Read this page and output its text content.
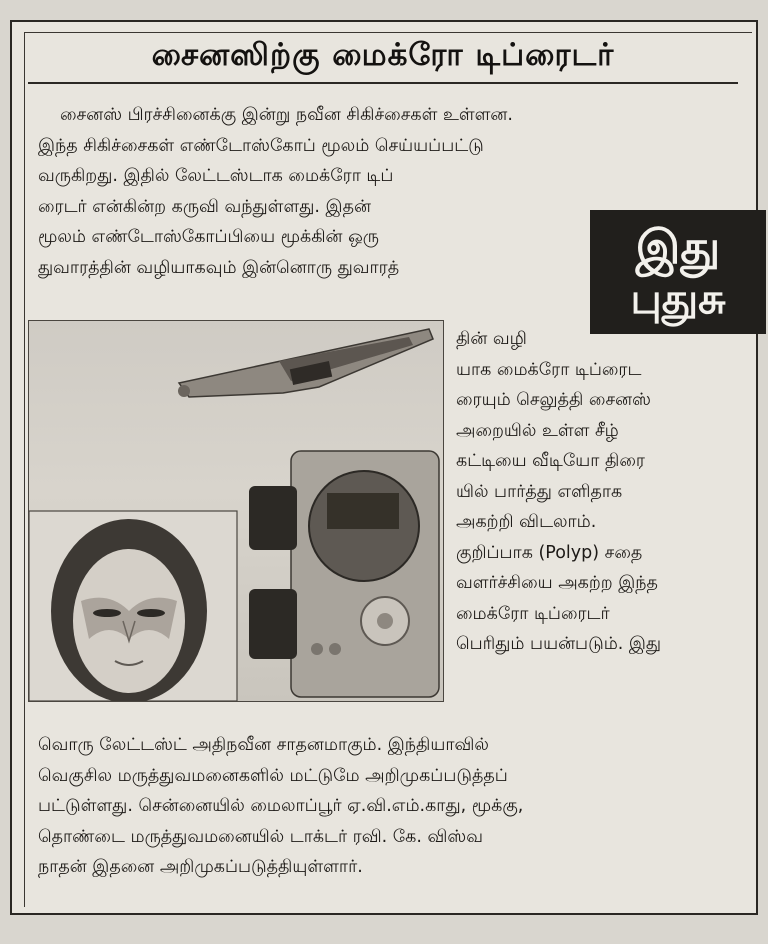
சைனஸிற்கு மைக்ரோ டிப்ரைடர்
சைனஸ் பிரச்சினைக்கு இன்று நவீன சிகிச்சைகள் உள்ளன.
இந்த சிகிச்சைகள் எண்டோஸ்கோப் மூலம் செய்யப்பட்டு
வருகிறது. இதில் லேட்டஸ்டாக மைக்ரோ டிப்
ரைடர் என்கின்ற கருவி வந்துள்ளது. இதன்
மூலம் எண்டோஸ்கோப்பியை மூக்கின் ஒரு
துவாரத்தின் வழியாகவும் இன்னொரு துவாரத்	இது
புதுசு
தின் வழி
யாக மைக்ரோ டிப்ரைட
ரையும் செலுத்தி சைனஸ்
அறையில் உள்ள சீழ்
கட்டியை வீடியோ திரை
யில் பார்த்து எளிதாக
அகற்றி விடலாம்.
குறிப்பாக (Polyp) சதை
வளர்ச்சியை அகற்ற இந்த
மைக்ரோ டிப்ரைடர்
பெரிதும் பயன்படும். இது
வொரு லேட்டஸ்ட் அதிநவீன சாதனமாகும். இந்தியாவில்
வெகுசில மருத்துவமனைகளில் மட்டுமே அறிமுகப்படுத்தப்
பட்டுள்ளது. சென்னையில் மைலாப்பூர் ஏ.வி.எம்.காது, மூக்கு,
தொண்டை மருத்துவமனையில் டாக்டர் ரவி. கே. விஸ்வ
நாதன் இதனை அறிமுகப்படுத்தியுள்ளார்.
